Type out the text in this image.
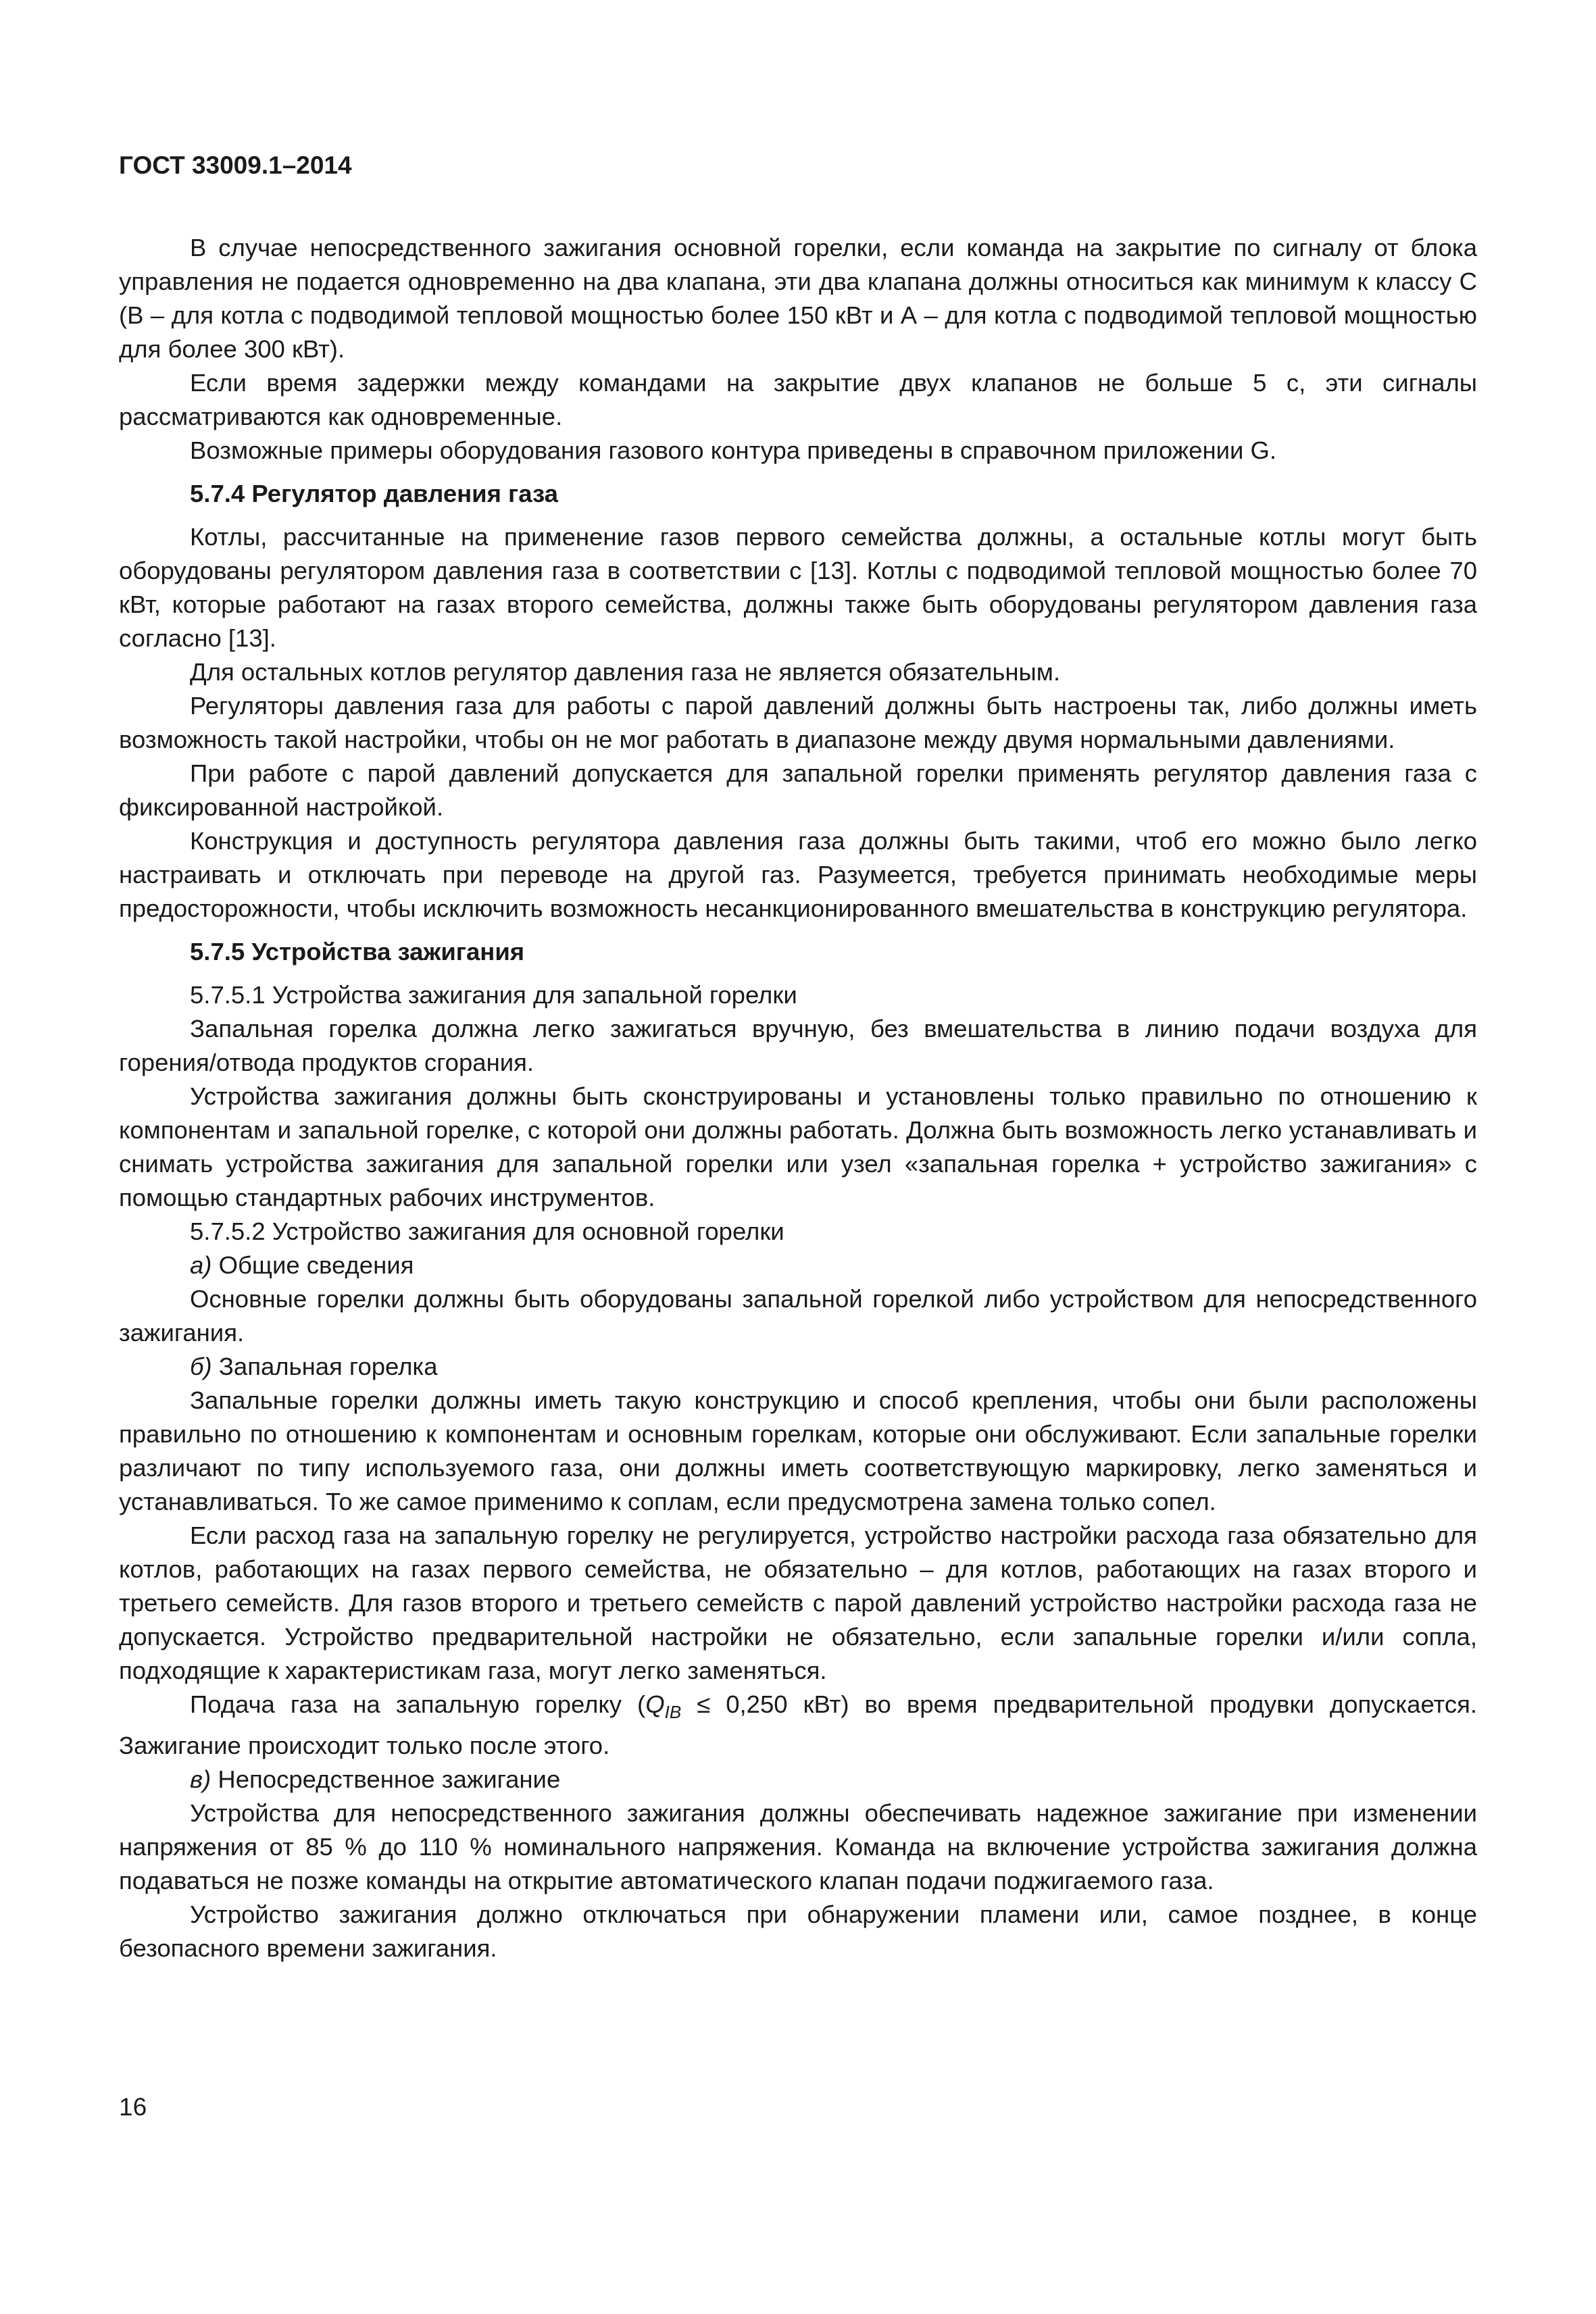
ГОСТ 33009.1–2014

В случае непосредственного зажигания основной горелки, если команда на закрытие по сигналу от блока управления не подается одновременно на два клапана, эти два клапана должны относиться как минимум к классу С (В – для котла с подводимой тепловой мощностью более 150 кВт и А – для котла с подводимой тепловой мощностью для более 300 кВт).

Если время задержки между командами на закрытие двух клапанов не больше 5 с, эти сигналы рассматриваются как одновременные.

Возможные примеры оборудования газового контура приведены в справочном приложении G.

5.7.4 Регулятор давления газа

Котлы, рассчитанные на применение газов первого семейства должны, а остальные котлы могут быть оборудованы регулятором давления газа в соответствии с [13]. Котлы с подводимой тепловой мощностью более 70 кВт, которые работают на газах второго семейства, должны также быть оборудованы регулятором давления газа согласно [13].

Для остальных котлов регулятор давления газа не является обязательным.

Регуляторы давления газа для работы с парой давлений должны быть настроены так, либо должны иметь возможность такой настройки, чтобы он не мог работать в диапазоне между двумя нормальными давлениями.

При работе с парой давлений допускается для запальной горелки применять регулятор давления газа с фиксированной настройкой.

Конструкция и доступность регулятора давления газа должны быть такими, чтоб его можно было легко настраивать и отключать при переводе на другой газ. Разумеется, требуется принимать необходимые меры предосторожности, чтобы исключить возможность несанкционированного вмешательства в конструкцию регулятора.

5.7.5 Устройства зажигания

5.7.5.1 Устройства зажигания для запальной горелки

Запальная горелка должна легко зажигаться вручную, без вмешательства в линию подачи воздуха для горения/отвода продуктов сгорания.

Устройства зажигания должны быть сконструированы и установлены только правильно по отношению к компонентам и запальной горелке, с которой они должны работать. Должна быть возможность легко устанавливать и снимать устройства зажигания для запальной горелки или узел «запальная горелка + устройство зажигания» с помощью стандартных рабочих инструментов.

5.7.5.2 Устройство зажигания для основной горелки

а) Общие сведения

Основные горелки должны быть оборудованы запальной горелкой либо устройством для непосредственного зажигания.

б) Запальная горелка

Запальные горелки должны иметь такую конструкцию и способ крепления, чтобы они были расположены правильно по отношению к компонентам и основным горелкам, которые они обслуживают. Если запальные горелки различают по типу используемого газа, они должны иметь соответствующую маркировку, легко заменяться и устанавливаться. То же самое применимо к соплам, если предусмотрена замена только сопел.

Если расход газа на запальную горелку не регулируется, устройство настройки расхода газа обязательно для котлов, работающих на газах первого семейства, не обязательно – для котлов, работающих на газах второго и третьего семейств. Для газов второго и третьего семейств с парой давлений устройство настройки расхода газа не допускается. Устройство предварительной настройки не обязательно, если запальные горелки и/или сопла, подходящие к характеристикам газа, могут легко заменяться.

Подача газа на запальную горелку ($Q_{IB} \le 0,250$ кВт) во время предварительной продувки допускается. Зажигание происходит только после этого.

в) Непосредственное зажигание

Устройства для непосредственного зажигания должны обеспечивать надежное зажигание при изменении напряжения от 85 % до 110 % номинального напряжения. Команда на включение устройства зажигания должна подаваться не позже команды на открытие автоматического клапан подачи поджигаемого газа.

Устройство зажигания должно отключаться при обнаружении пламени или, самое позднее, в конце безопасного времени зажигания.

16
